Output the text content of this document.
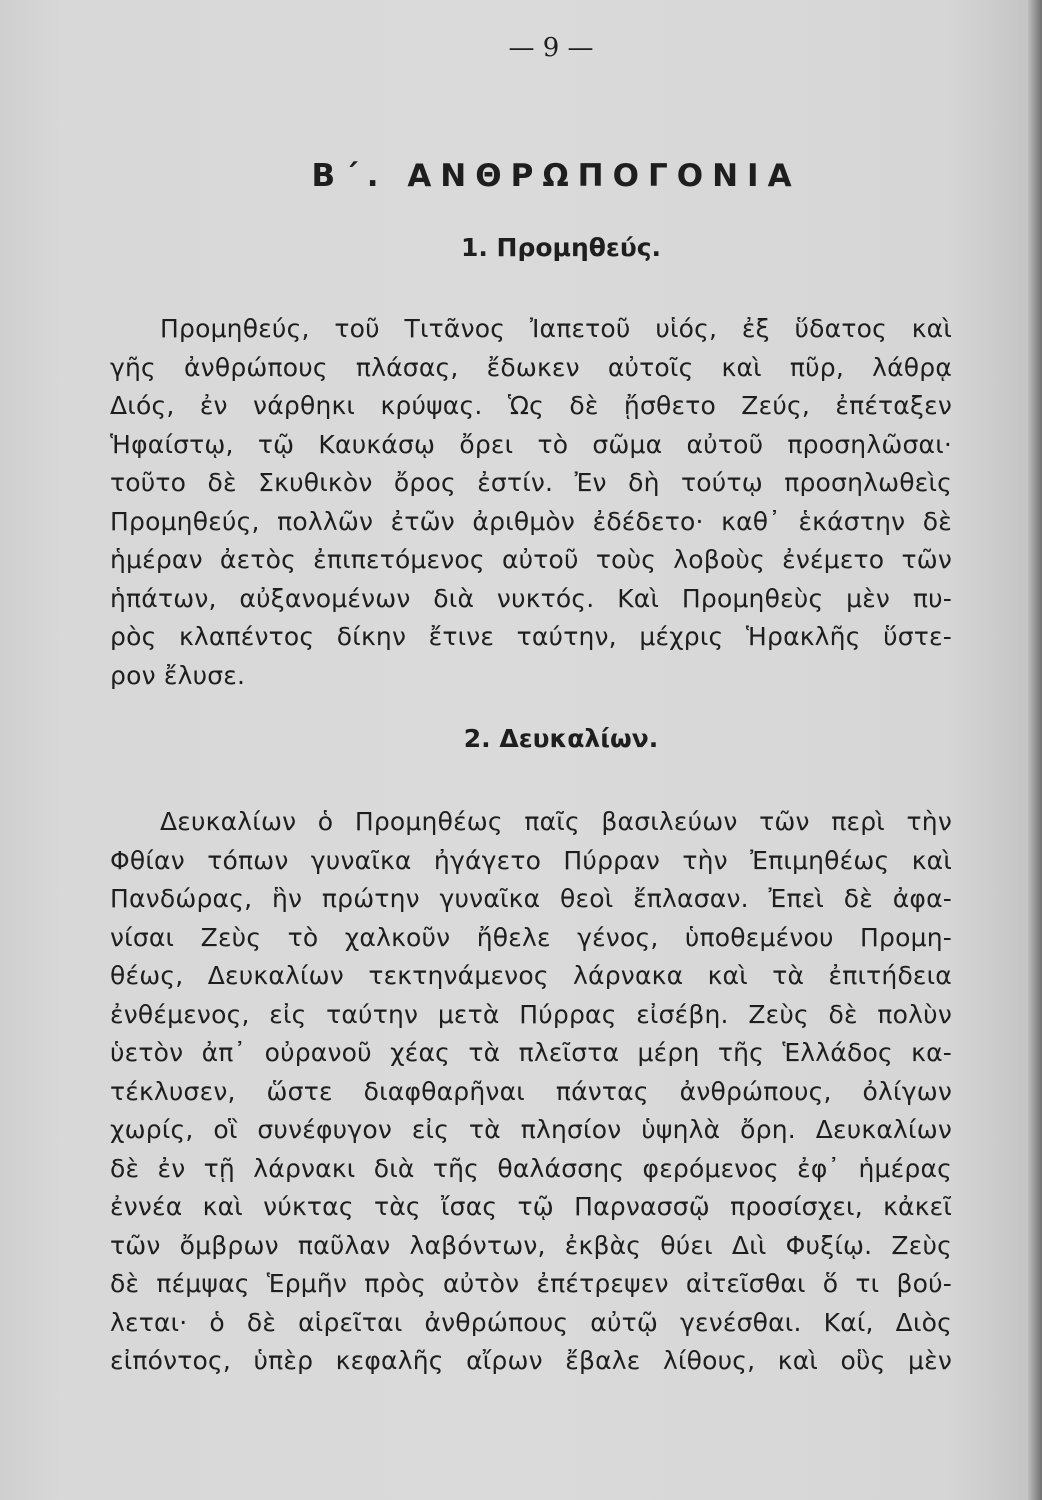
— 9 —
Β΄. ΑΝΘΡΩΠΟΓΟΝΙΑ
1. Προμηθεύς.
Προμηθεύς, τοῦ Τιτᾶνος Ἰαπετοῦ υἱός, ἐξ ὕδατος καὶ
γῆς ἀνθρώπους πλάσας, ἔδωκεν αὐτοῖς καὶ πῦρ, λάθρᾳ
Διός, ἐν νάρθηκι κρύψας. Ὡς δὲ ᾔσθετο Ζεύς, ἐπέταξεν
Ἡφαίστῳ, τῷ Καυκάσῳ ὄρει τὸ σῶμα αὐτοῦ προσηλῶσαι·
τοῦτο δὲ Σκυθικὸν ὄρος ἐστίν. Ἐν δὴ τούτῳ προσηλωθεὶς
Προμηθεύς, πολλῶν ἐτῶν ἀριθμὸν ἐδέδετο· καθ᾽ ἑκάστην δὲ
ἡμέραν ἀετὸς ἐπιπετόμενος αὐτοῦ τοὺς λοβοὺς ἐνέμετο τῶν
ἡπάτων, αὐξανομένων διὰ νυκτός. Καὶ Προμηθεὺς μὲν πυ-
ρὸς κλαπέντος δίκην ἔτινε ταύτην, μέχρις Ἡρακλῆς ὕστε-
ρον ἔλυσε.
2. Δευκαλίων.
Δευκαλίων ὁ Προμηθέως παῖς βασιλεύων τῶν περὶ τὴν
Φθίαν τόπων γυναῖκα ἠγάγετο Πύρραν τὴν Ἐπιμηθέως καὶ
Πανδώρας, ἣν πρώτην γυναῖκα θεοὶ ἔπλασαν. Ἐπεὶ δὲ ἀφα-
νίσαι Ζεὺς τὸ χαλκοῦν ἤθελε γένος, ὑποθεμένου Προμη-
θέως, Δευκαλίων τεκτηνάμενος λάρνακα καὶ τὰ ἐπιτήδεια
ἐνθέμενος, εἰς ταύτην μετὰ Πύρρας εἰσέβη. Ζεὺς δὲ πολὺν
ὑετὸν ἀπ᾽ οὐρανοῦ χέας τὰ πλεῖστα μέρη τῆς Ἑλλάδος κα-
τέκλυσεν, ὥστε διαφθαρῆναι πάντας ἀνθρώπους, ὀλίγων
χωρίς, οἳ συνέφυγον εἰς τὰ πλησίον ὑψηλὰ ὄρη. Δευκαλίων
δὲ ἐν τῇ λάρνακι διὰ τῆς θαλάσσης φερόμενος ἐφ᾽ ἡμέρας
ἐννέα καὶ νύκτας τὰς ἴσας τῷ Παρνασσῷ προσίσχει, κἀκεῖ
τῶν ὄμβρων παῦλαν λαβόντων, ἐκβὰς θύει Διὶ Φυξίῳ. Ζεὺς
δὲ πέμψας Ἑρμῆν πρὸς αὐτὸν ἐπέτρεψεν αἰτεῖσθαι ὅ τι βού-
λεται· ὁ δὲ αἱρεῖται ἀνθρώπους αὐτῷ γενέσθαι. Καί, Διὸς
εἰπόντος, ὑπὲρ κεφαλῆς αἴρων ἔβαλε λίθους, καὶ οὓς μὲν
